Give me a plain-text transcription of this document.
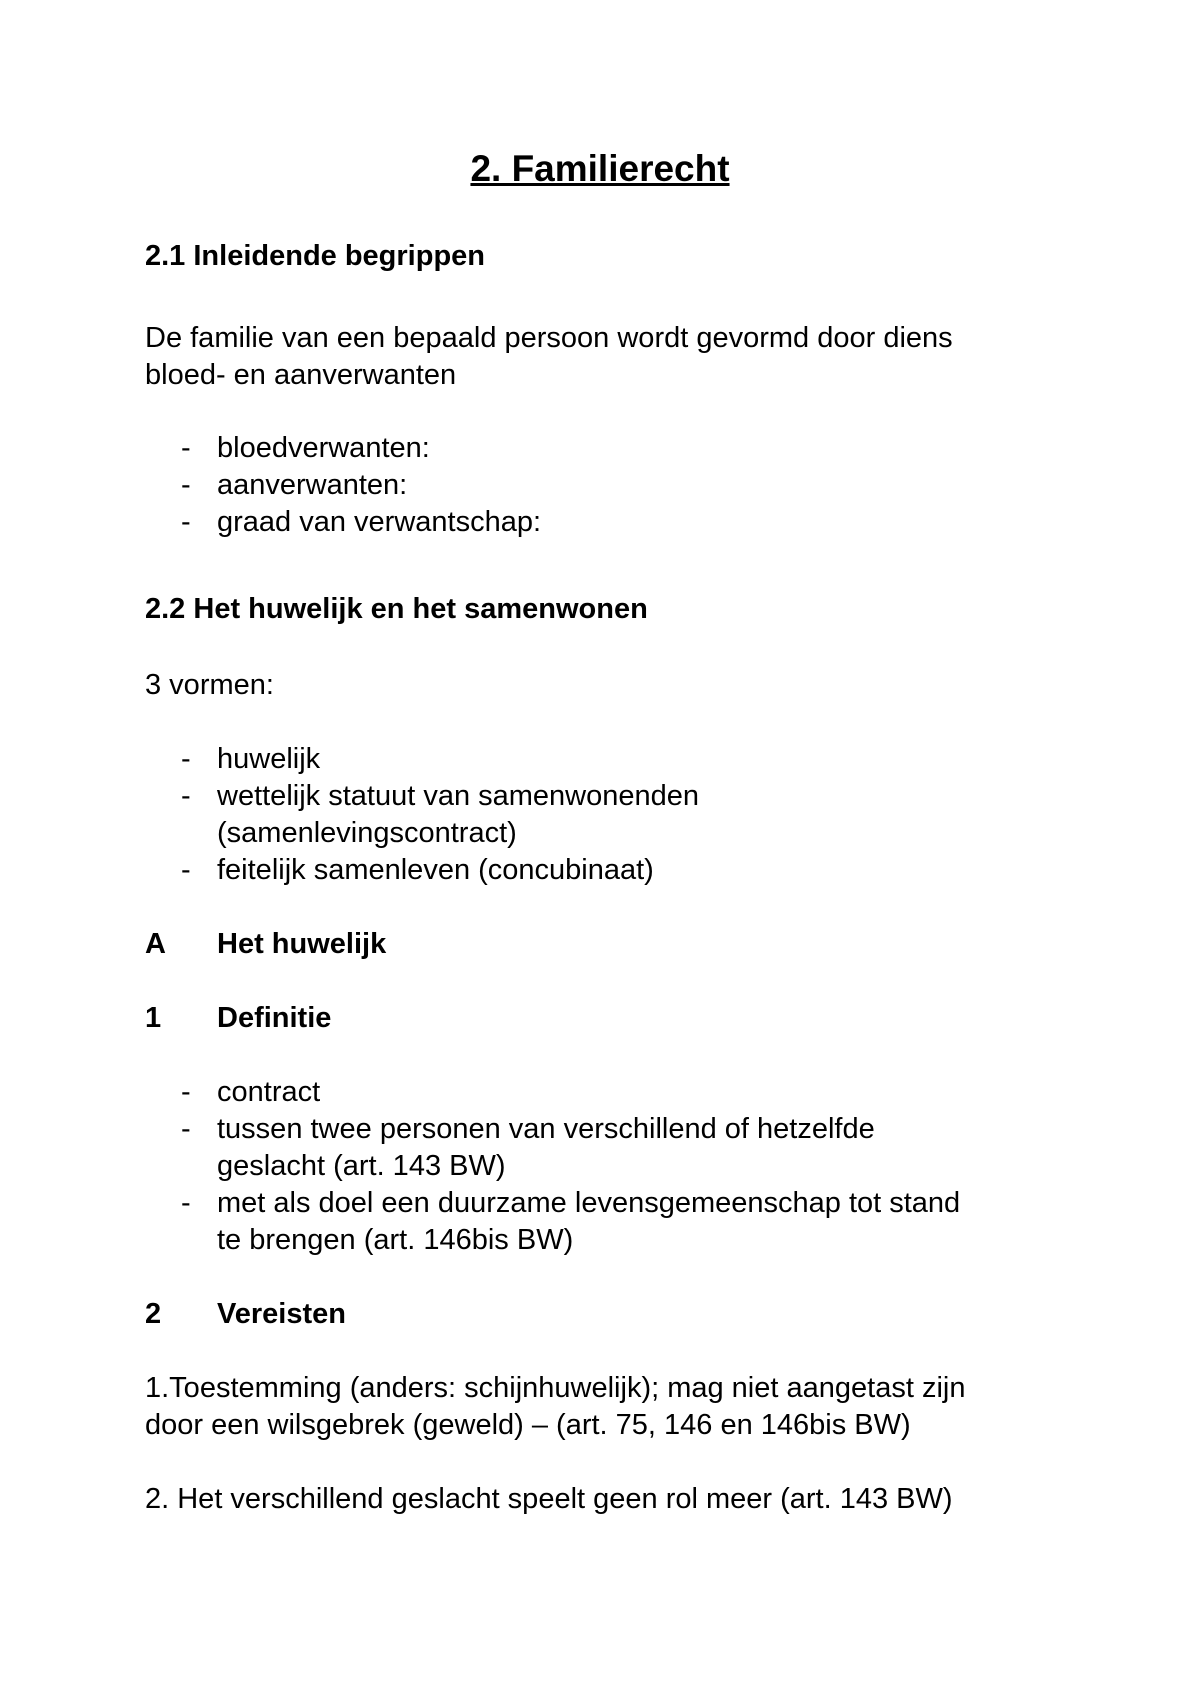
2. Familierecht
2.1 Inleidende begrippen
De familie van een bepaald persoon wordt gevormd door diens
bloed- en aanverwanten
- bloedverwanten:
- aanverwanten:
- graad van verwantschap:
2.2 Het huwelijk en het samenwonen
3 vormen:
- huwelijk
- wettelijk statuut van samenwonenden
(samenlevingscontract)
- feitelijk samenleven (concubinaat)
A Het huwelijk
1 Definitie
- contract
- tussen twee personen van verschillend of hetzelfde
geslacht (art. 143 BW)
- met als doel een duurzame levensgemeenschap tot stand
te brengen (art. 146bis BW)
2 Vereisten
1.Toestemming (anders: schijnhuwelijk); mag niet aangetast zijn
door een wilsgebrek (geweld) – (art. 75, 146 en 146bis BW)
2. Het verschillend geslacht speelt geen rol meer (art. 143 BW)
